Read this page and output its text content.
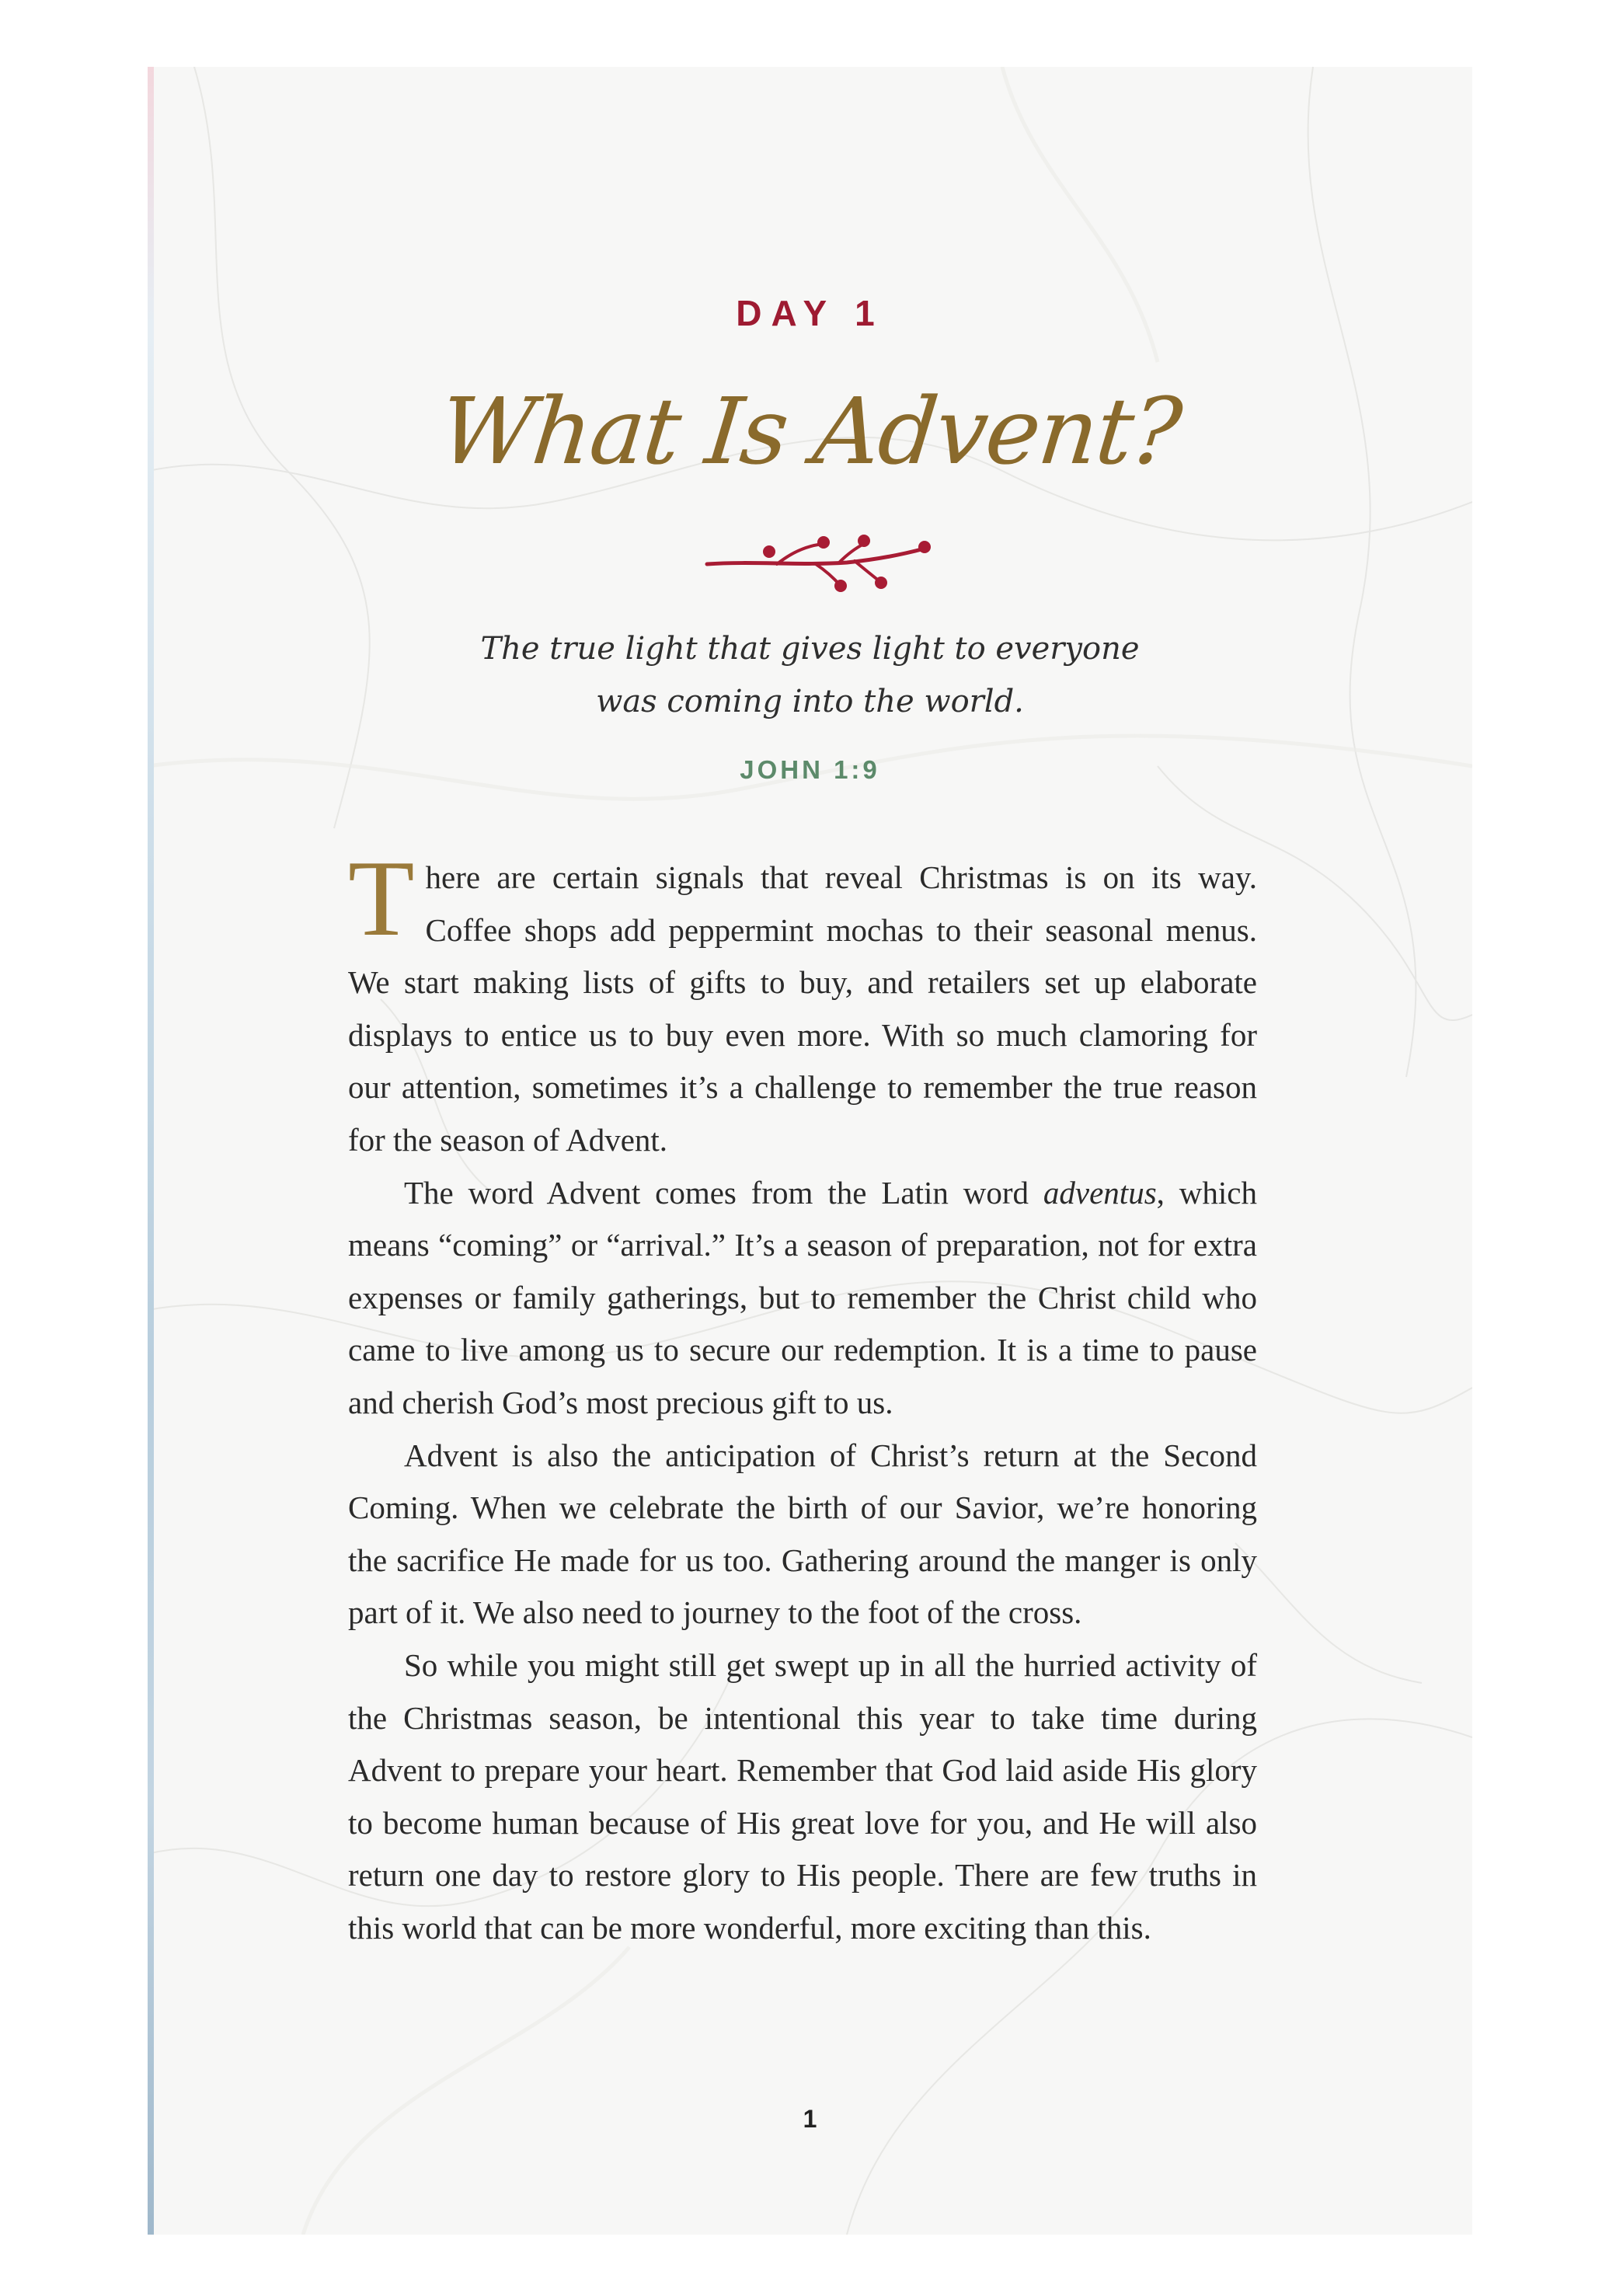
DAY 1
What Is Advent?
The true light that gives light to everyone
was coming into the world.
JOHN 1:9

There are certain signals that reveal Christmas is on its way. Coffee shops add peppermint mochas to their seasonal menus. We start making lists of gifts to buy, and retailers set up elaborate displays to entice us to buy even more. With so much clamoring for our attention, sometimes it’s a challenge to remember the true reason for the season of Advent.

The word Advent comes from the Latin word adventus, which means “coming” or “arrival.” It’s a season of preparation, not for extra expenses or family gatherings, but to remember the Christ child who came to live among us to secure our redemption. It is a time to pause and cherish God’s most precious gift to us.

Advent is also the anticipation of Christ’s return at the Second Coming. When we celebrate the birth of our Savior, we’re honoring the sacrifice He made for us too. Gathering around the manger is only part of it. We also need to journey to the foot of the cross.

So while you might still get swept up in all the hurried activity of the Christmas season, be intentional this year to take time during Advent to prepare your heart. Remember that God laid aside His glory to become human because of His great love for you, and He will also return one day to restore glory to His people. There are few truths in this world that can be more wonderful, more exciting than this.

1
